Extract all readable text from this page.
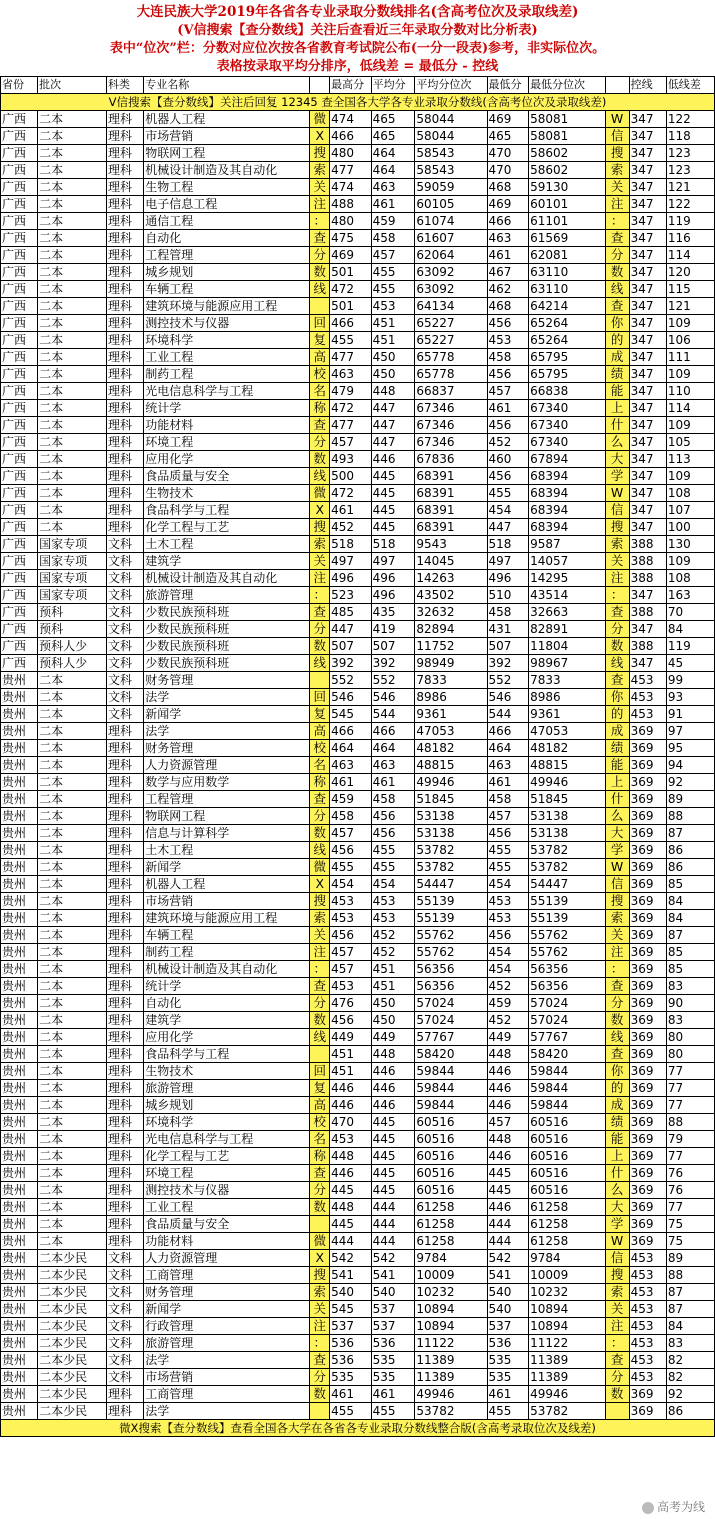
大连民族大学2019年各省各专业录取分数线排名(含高考位次及录取线差)
(V信搜索【查分数线】关注后查看近三年录取分数对比分析表)
表中“位次”栏：分数对应位次按各省教育考试院公布(一分一段表)参考，非实际位次。
表格按录取平均分排序，低线差 = 最低分 - 控线
省份	批次	科类	专业名称		最高分	平均分	平均分位次	最低分	最低分位次		控线	低线差
V信搜索【查分数线】关注后回复 12345 查全国各大学各专业录取分数线(含高考位次及录取线差)												
广西	二本	理科	机器人工程	微	474	465	58044	469	58081	W	347	122
广西	二本	理科	市场营销	X	466	465	58044	465	58081	信	347	118
广西	二本	理科	物联网工程	搜	480	464	58543	470	58602	搜	347	123
广西	二本	理科	机械设计制造及其自动化	索	477	464	58543	470	58602	索	347	123
广西	二本	理科	生物工程	关	474	463	59059	468	59130	关	347	121
广西	二本	理科	电子信息工程	注	488	461	60105	469	60101	注	347	122
广西	二本	理科	通信工程	：	480	459	61074	466	61101	：	347	119
广西	二本	理科	自动化	查	475	458	61607	463	61569	查	347	116
广西	二本	理科	工程管理	分	469	457	62064	461	62081	分	347	114
广西	二本	理科	城乡规划	数	501	455	63092	467	63110	数	347	120
广西	二本	理科	车辆工程	线	472	455	63092	462	63110	线	347	115
广西	二本	理科	建筑环境与能源应用工程		501	453	64134	468	64214	查	347	121
广西	二本	理科	测控技术与仪器	回	466	451	65227	456	65264	你	347	109
广西	二本	理科	环境科学	复	455	451	65227	453	65264	的	347	106
广西	二本	理科	工业工程	高	477	450	65778	458	65795	成	347	111
广西	二本	理科	制药工程	校	463	450	65778	456	65795	绩	347	109
广西	二本	理科	光电信息科学与工程	名	479	448	66837	457	66838	能	347	110
广西	二本	理科	统计学	称	472	447	67346	461	67340	上	347	114
广西	二本	理科	功能材料	查	477	447	67346	456	67340	什	347	109
广西	二本	理科	环境工程	分	457	447	67346	452	67340	么	347	105
广西	二本	理科	应用化学	数	493	446	67836	460	67894	大	347	113
广西	二本	理科	食品质量与安全	线	500	445	68391	456	68394	学	347	109
广西	二本	理科	生物技术	微	472	445	68391	455	68394	W	347	108
广西	二本	理科	食品科学与工程	X	461	445	68391	454	68394	信	347	107
广西	二本	理科	化学工程与工艺	搜	452	445	68391	447	68394	搜	347	100
广西	国家专项	文科	土木工程	索	518	518	9543	518	9587	索	388	130
广西	国家专项	文科	建筑学	关	497	497	14045	497	14057	关	388	109
广西	国家专项	文科	机械设计制造及其自动化	注	496	496	14263	496	14295	注	388	108
广西	国家专项	文科	旅游管理	：	523	496	43502	510	43514	：	347	163
广西	预科	文科	少数民族预科班	查	485	435	32632	458	32663	查	388	70
广西	预科	文科	少数民族预科班	分	447	419	82894	431	82891	分	347	84
广西	预科人少	文科	少数民族预科班	数	507	507	11752	507	11804	数	388	119
广西	预科人少	文科	少数民族预科班	线	392	392	98949	392	98967	线	347	45
贵州	二本	文科	财务管理		552	552	7833	552	7833	查	453	99
贵州	二本	文科	法学	回	546	546	8986	546	8986	你	453	93
贵州	二本	文科	新闻学	复	545	544	9361	544	9361	的	453	91
贵州	二本	理科	法学	高	466	466	47053	466	47053	成	369	97
贵州	二本	理科	财务管理	校	464	464	48182	464	48182	绩	369	95
贵州	二本	理科	人力资源管理	名	463	463	48815	463	48815	能	369	94
贵州	二本	理科	数学与应用数学	称	461	461	49946	461	49946	上	369	92
贵州	二本	理科	工程管理	查	459	458	51845	458	51845	什	369	89
贵州	二本	理科	物联网工程	分	458	456	53138	457	53138	么	369	88
贵州	二本	理科	信息与计算科学	数	457	456	53138	456	53138	大	369	87
贵州	二本	理科	土木工程	线	456	455	53782	455	53782	学	369	86
贵州	二本	理科	新闻学	微	455	455	53782	455	53782	W	369	86
贵州	二本	理科	机器人工程	X	454	454	54447	454	54447	信	369	85
贵州	二本	理科	市场营销	搜	453	453	55139	453	55139	搜	369	84
贵州	二本	理科	建筑环境与能源应用工程	索	453	453	55139	453	55139	索	369	84
贵州	二本	理科	车辆工程	关	456	452	55762	456	55762	关	369	87
贵州	二本	理科	制药工程	注	457	452	55762	454	55762	注	369	85
贵州	二本	理科	机械设计制造及其自动化	：	457	451	56356	454	56356	：	369	85
贵州	二本	理科	统计学	查	453	451	56356	452	56356	查	369	83
贵州	二本	理科	自动化	分	476	450	57024	459	57024	分	369	90
贵州	二本	理科	建筑学	数	456	450	57024	452	57024	数	369	83
贵州	二本	理科	应用化学	线	449	449	57767	449	57767	线	369	80
贵州	二本	理科	食品科学与工程		451	448	58420	448	58420	查	369	80
贵州	二本	理科	生物技术	回	451	446	59844	446	59844	你	369	77
贵州	二本	理科	旅游管理	复	446	446	59844	446	59844	的	369	77
贵州	二本	理科	城乡规划	高	446	446	59844	446	59844	成	369	77
贵州	二本	理科	环境科学	校	470	445	60516	457	60516	绩	369	88
贵州	二本	理科	光电信息科学与工程	名	453	445	60516	448	60516	能	369	79
贵州	二本	理科	化学工程与工艺	称	448	445	60516	446	60516	上	369	77
贵州	二本	理科	环境工程	查	446	445	60516	445	60516	什	369	76
贵州	二本	理科	测控技术与仪器	分	445	445	60516	445	60516	么	369	76
贵州	二本	理科	工业工程	数	448	444	61258	446	61258	大	369	77
贵州	二本	理科	食品质量与安全		445	444	61258	444	61258	学	369	75
贵州	二本	理科	功能材料	微	444	444	61258	444	61258	W	369	75
贵州	二本少民	文科	人力资源管理	X	542	542	9784	542	9784	信	453	89
贵州	二本少民	文科	工商管理	搜	541	541	10009	541	10009	搜	453	88
贵州	二本少民	文科	财务管理	索	540	540	10232	540	10232	索	453	87
贵州	二本少民	文科	新闻学	关	545	537	10894	540	10894	关	453	87
贵州	二本少民	文科	行政管理	注	537	537	10894	537	10894	注	453	84
贵州	二本少民	文科	旅游管理	：	536	536	11122	536	11122	：	453	83
贵州	二本少民	文科	法学	查	536	535	11389	535	11389	查	453	82
贵州	二本少民	文科	市场营销	分	535	535	11389	535	11389	分	453	82
贵州	二本少民	理科	工商管理	数	461	461	49946	461	49946	数	369	92
贵州	二本少民	理科	法学		455	455	53782	455	53782		369	86
微X搜索【查分数线】查看全国各大学在各省各专业录取分数线整合版(含高考录取位次及线差)												
高考为线
